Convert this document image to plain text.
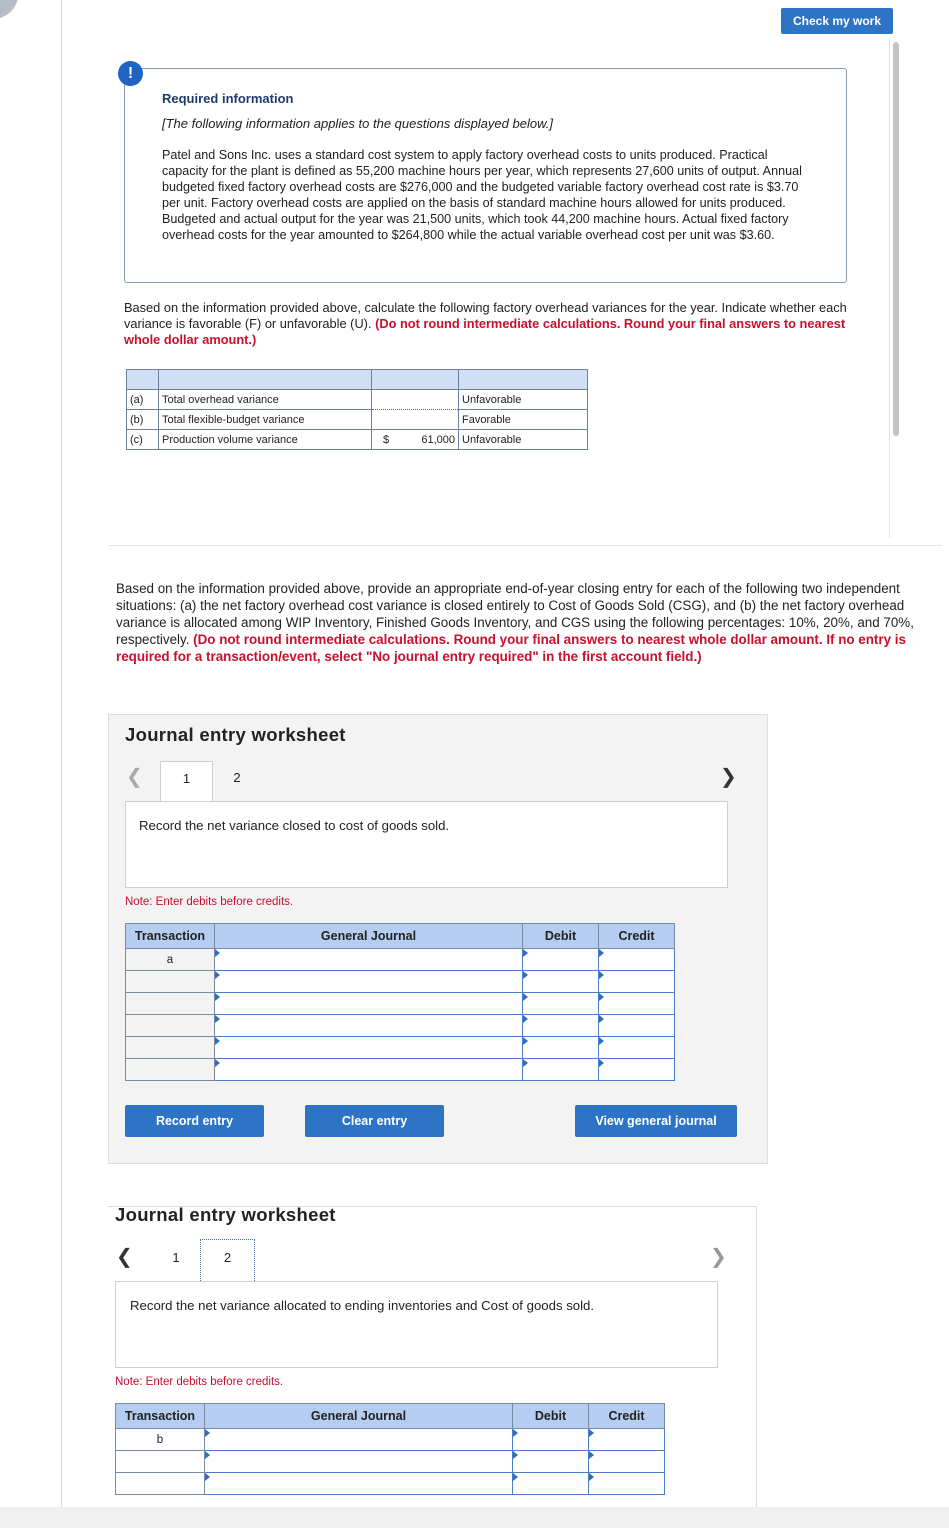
Check my work
!
Required information
[The following information applies to the questions displayed below.]
Patel and Sons Inc. uses a standard cost system to apply factory overhead costs to units produced. Practical capacity for the plant is defined as 55,200 machine hours per year, which represents 27,600 units of output. Annual budgeted fixed factory overhead costs are $276,000 and the budgeted variable factory overhead cost rate is $3.70 per unit. Factory overhead costs are applied on the basis of standard machine hours allowed for units produced. Budgeted and actual output for the year was 21,500 units, which took 44,200 machine hours. Actual fixed factory overhead costs for the year amounted to $264,800 while the actual variable overhead cost per unit was $3.60.
Based on the information provided above, calculate the following factory overhead variances for the year. Indicate whether each variance is favorable (F) or unfavorable (U). (Do not round intermediate calculations. Round your final answers to nearest whole dollar amount.)

(a)	Total overhead variance		Unfavorable
(b)	Total flexible-budget variance		Favorable
(c)	Production volume variance	$ 61,000	Unfavorable
Based on the information provided above, provide an appropriate end-of-year closing entry for each of the following two independent situations: (a) the net factory overhead cost variance is closed entirely to Cost of Goods Sold (CSG), and (b) the net factory overhead variance is allocated among WIP Inventory, Finished Goods Inventory, and CGS using the following percentages: 10%, 20%, and 70%, respectively. (Do not round intermediate calculations. Round your final answers to nearest whole dollar amount. If no entry is required for a transaction/event, select "No journal entry required" in the first account field.)
Journal entry worksheet
❮	1	2	❯
Record the net variance closed to cost of goods sold.
Note: Enter debits before credits.
Transaction	General Journal	Debit	Credit
a			

Record entry	Clear entry	View general journal
Journal entry worksheet
❮	1	2	❯
Record the net variance allocated to ending inventories and Cost of goods sold.
Note: Enter debits before credits.
Transaction	General Journal	Debit	Credit
b			
